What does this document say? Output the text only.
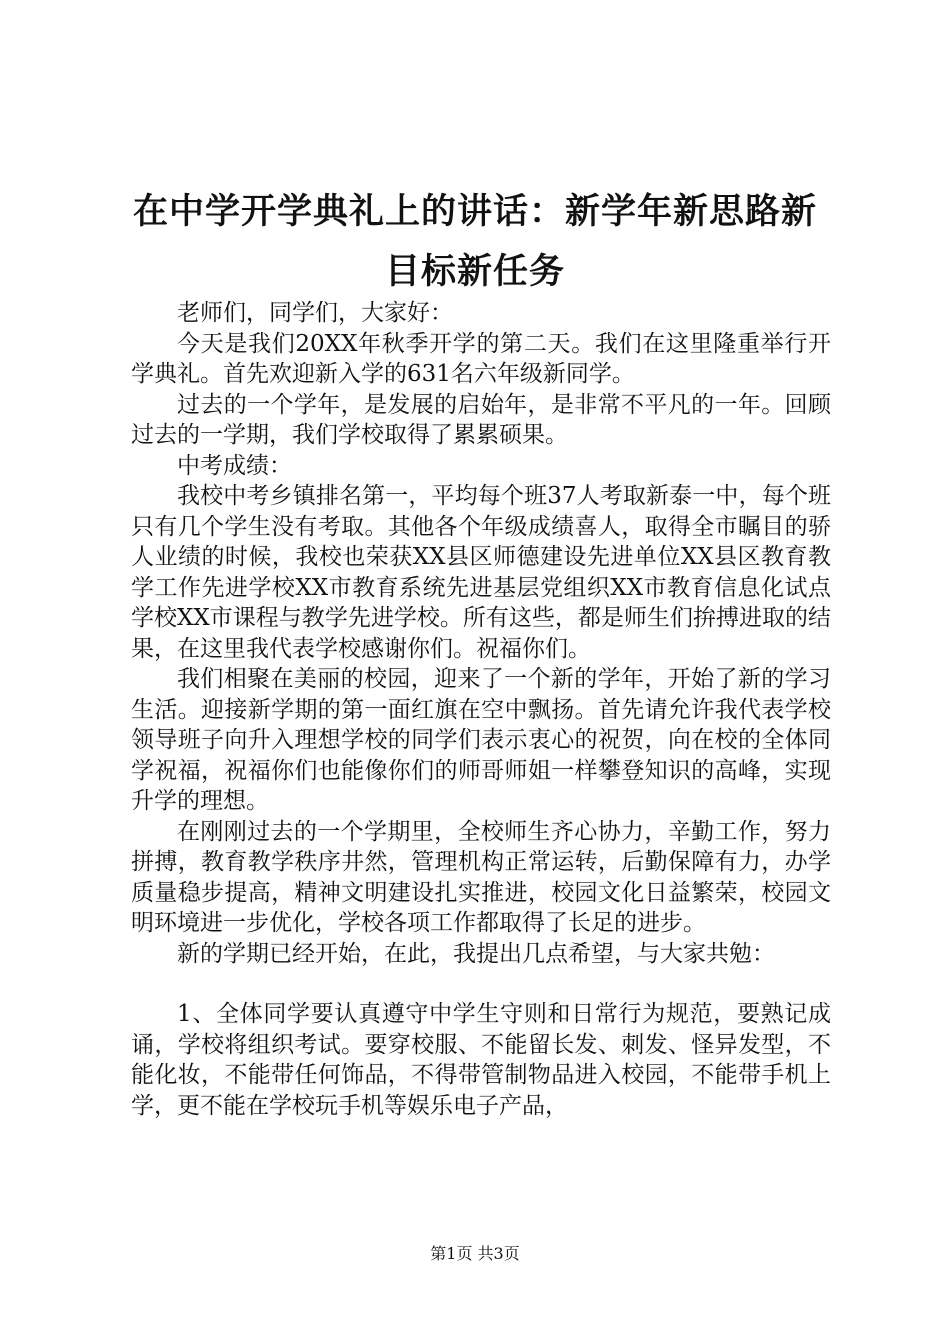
在中学开学典礼上的讲话：新学年新思路新目标新任务

老师们，同学们，大家好：

今天是我们20XX年秋季开学的第二天。我们在这里隆重举行开学典礼。首先欢迎新入学的631名六年级新同学。

过去的一个学年，是发展的启始年，是非常不平凡的一年。回顾过去的一学期，我们学校取得了累累硕果。

中考成绩：

我校中考乡镇排名第一，平均每个班37人考取新泰一中，每个班只有几个学生没有考取。其他各个年级成绩喜人，取得全市瞩目的骄人业绩的时候，我校也荣获XX县区师德建设先进单位XX县区教育教学工作先进学校XX市教育系统先进基层党组织XX市教育信息化试点学校XX市课程与教学先进学校。所有这些，都是师生们拚搏进取的结果，在这里我代表学校感谢你们。祝福你们。

我们相聚在美丽的校园，迎来了一个新的学年，开始了新的学习生活。迎接新学期的第一面红旗在空中飘扬。首先请允许我代表学校领导班子向升入理想学校的同学们表示衷心的祝贺，向在校的全体同学祝福，祝福你们也能像你们的师哥师姐一样攀登知识的高峰，实现升学的理想。

在刚刚过去的一个学期里，全校师生齐心协力，辛勤工作，努力拼搏，教育教学秩序井然，管理机构正常运转，后勤保障有力，办学质量稳步提高，精神文明建设扎实推进，校园文化日益繁荣，校园文明环境进一步优化，学校各项工作都取得了长足的进步。

新的学期已经开始，在此，我提出几点希望，与大家共勉：

1、全体同学要认真遵守中学生守则和日常行为规范，要熟记成诵，学校将组织考试。要穿校服、不能留长发、刺发、怪异发型，不能化妆，不能带任何饰品，不得带管制物品进入校园，不能带手机上学，更不能在学校玩手机等娱乐电子产品，

第1页 共3页
